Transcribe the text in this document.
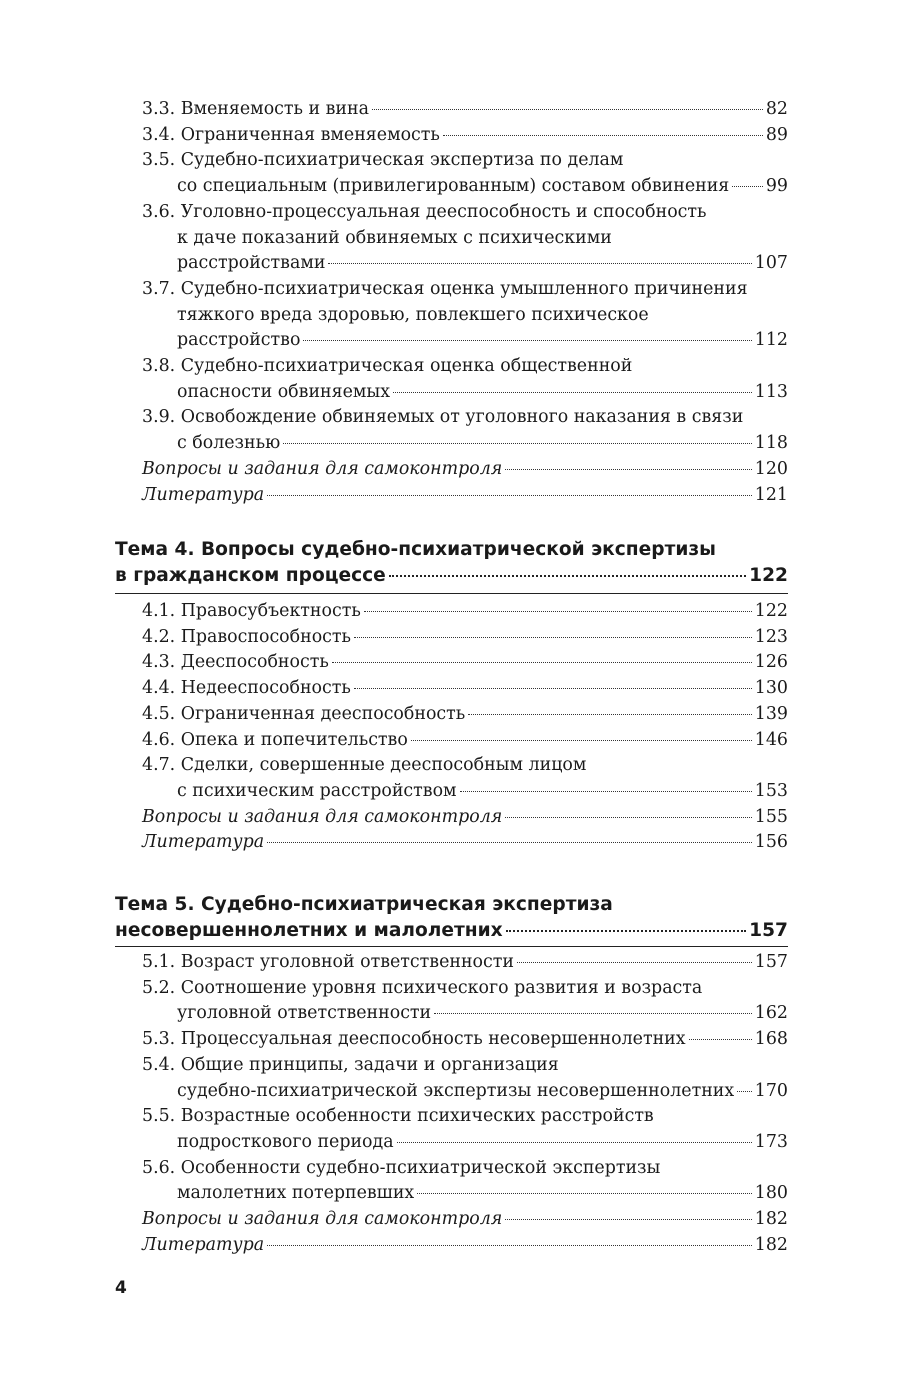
3.3. Вменяемость и вина	82
3.4. Ограниченная вменяемость	89
3.5. Судебно-психиатрическая экспертиза по делам
со специальным (привилегированным) составом обвинения 99
3.6. Уголовно-процессуальная дееспособность и способность
к даче показаний обвиняемых с психическими
расстройствами	107
3.7. Судебно-психиатрическая оценка умышленного причинения
тяжкого вреда здоровью, повлекшего психическое
расстройство	112
3.8. Судебно-психиатрическая оценка общественной
опасности обвиняемых	113
3.9. Освобождение обвиняемых от уголовного наказания в связи
с болезнью	118
Вопросы и задания для самоконтроля	120
Литература	121
Тема 4. Вопросы судебно-психиатрической экспертизы
в гражданском процессе	122
4.1. Правосубъектность	122
4.2. Правоспособность	123
4.3. Дееспособность	126
4.4. Недееспособность	130
4.5. Ограниченная дееспособность	139
4.6. Опека и попечительство	146
4.7. Сделки, совершенные дееспособным лицом
с психическим расстройством	153
Вопросы и задания для самоконтроля	155
Литература	156
Тема 5. Судебно-психиатрическая экспертиза
несовершеннолетних и малолетних	157
5.1. Возраст уголовной ответственности	157
5.2. Соотношение уровня психического развития и возраста
уголовной ответственности	162
5.3. Процессуальная дееспособность несовершеннолетних	168
5.4. Общие принципы, задачи и организация
судебно-психиатрической экспертизы несовершеннолетних 170
5.5. Возрастные особенности психических расстройств
подросткового периода	173
5.6. Особенности судебно-психиатрической экспертизы
малолетних потерпевших	180
Вопросы и задания для самоконтроля	182
Литература	182
4
